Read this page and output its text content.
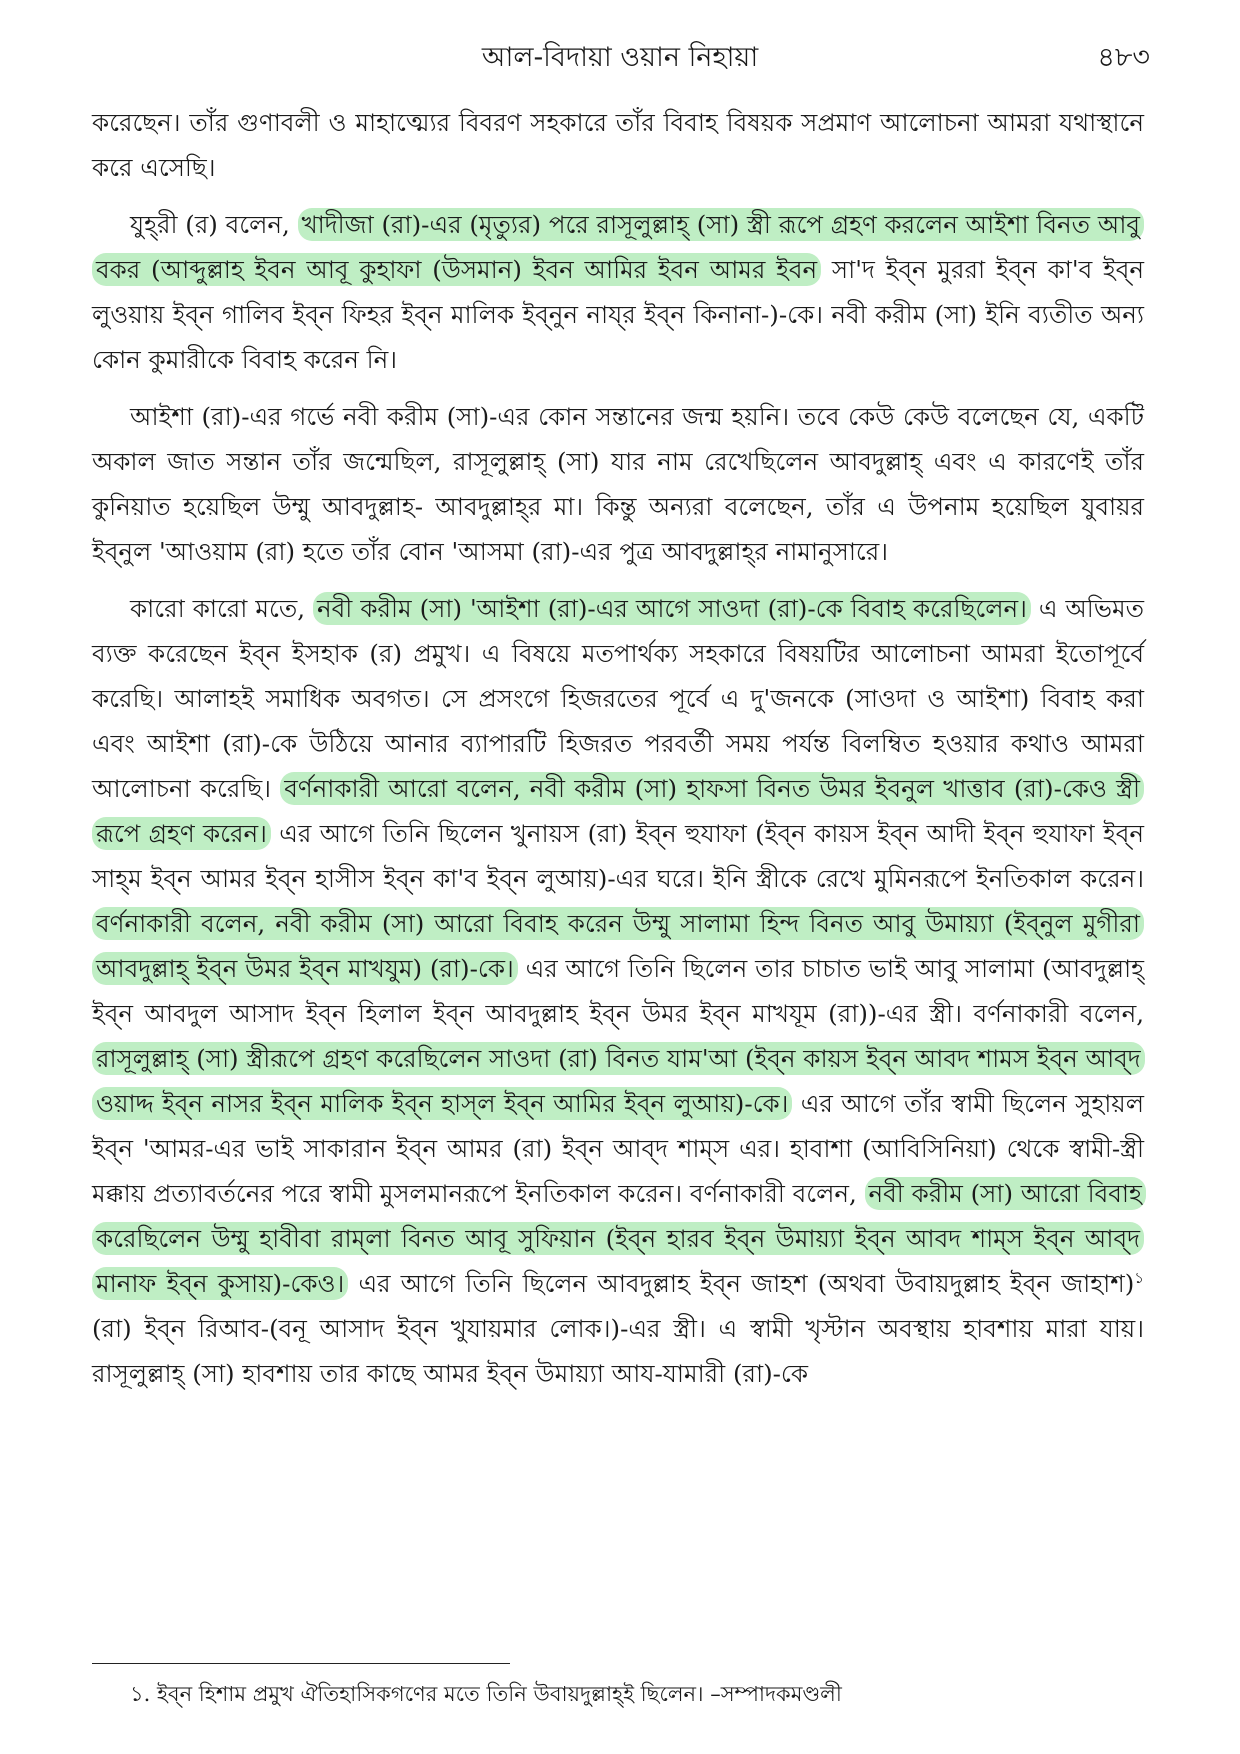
আল-বিদায়া ওয়ান নিহায়া	৪৮৩

করেছেন। তাঁর গুণাবলী ও মাহাত্ম্যের বিবরণ সহকারে তাঁর বিবাহ বিষয়ক সপ্রমাণ আলোচনা আমরা যথাস্থানে করে এসেছি।

যুহ্‌রী (র) বলেন, খাদীজা (রা)-এর (মৃত্যুর) পরে রাসূলুল্লাহ্ (সা) স্ত্রী রূপে গ্রহণ করলেন আইশা বিনত আবু বকর (আব্দুল্লাহ ইবন আবূ কুহাফা (উসমান) ইবন আমির ইবন আমর ইবন সা'দ ইব্‌ন মুররা ইব্‌ন কা'ব ইব্‌ন লুওয়ায় ইব্‌ন গালিব ইব্‌ন ফিহর ইব্‌ন মালিক ইব্‌নুন নায্‌র ইব্‌ন কিনানা-)-কে। নবী করীম (সা) ইনি ব্যতীত অন্য কোন কুমারীকে বিবাহ করেন নি।

আইশা (রা)-এর গর্ভে নবী করীম (সা)-এর কোন সন্তানের জন্ম হয়নি। তবে কেউ কেউ বলেছেন যে, একটি অকাল জাত সন্তান তাঁর জন্মেছিল, রাসূলুল্লাহ্ (সা) যার নাম রেখেছিলেন আবদুল্লাহ্ এবং এ কারণেই তাঁর কুনিয়াত হয়েছিল উম্মু আবদুল্লাহ- আবদুল্লাহ্‌র মা। কিন্তু অন্যরা বলেছেন, তাঁর এ উপনাম হয়েছিল যুবায়র ইব্‌নুল 'আওয়াম (রা) হতে তাঁর বোন 'আসমা (রা)-এর পুত্র আবদুল্লাহ্‌র নামানুসারে।

কারো কারো মতে, নবী করীম (সা) 'আইশা (রা)-এর আগে সাওদা (রা)-কে বিবাহ করেছিলেন। এ অভিমত ব্যক্ত করেছেন ইব্‌ন ইসহাক (র) প্রমুখ। এ বিষয়ে মতপার্থক্য সহকারে বিষয়টির আলোচনা আমরা ইতোপূর্বে করেছি। আলাহই সমাধিক অবগত। সে প্রসংগে হিজরতের পূর্বে এ দু'জনকে (সাওদা ও আইশা) বিবাহ করা এবং আইশা (রা)-কে উঠিয়ে আনার ব্যাপারটি হিজরত পরবর্তী সময় পর্যন্ত বিলম্বিত হওয়ার কথাও আমরা আলোচনা করেছি। বর্ণনাকারী আরো বলেন, নবী করীম (সা) হাফসা বিনত উমর ইবনুল খাত্তাব (রা)-কেও স্ত্রী রূপে গ্রহণ করেন। এর আগে তিনি ছিলেন খুনায়স (রা) ইব্‌ন হুযাফা (ইব্‌ন কায়স ইব্‌ন আদী ইব্‌ন হুযাফা ইব্‌ন সাহ্‌ম ইব্‌ন আমর ইব্‌ন হাসীস ইব্‌ন কা'ব ইব্‌ন লুআয়)-এর ঘরে। ইনি স্ত্রীকে রেখে মুমিনরূপে ইনতিকাল করেন। বর্ণনাকারী বলেন, নবী করীম (সা) আরো বিবাহ করেন উম্মু সালামা হিন্দ বিনত আবু উমায়্যা (ইব্‌নুল মুগীরা আবদুল্লাহ্ ইব্‌ন উমর ইব্‌ন মাখযুম) (রা)-কে। এর আগে তিনি ছিলেন তার চাচাত ভাই আবু সালামা (আবদুল্লাহ্ ইব্‌ন আবদুল আসাদ ইব্‌ন হিলাল ইব্‌ন আবদুল্লাহ ইব্‌ন উমর ইব্‌ন মাখযূম (রা))-এর স্ত্রী। বর্ণনাকারী বলেন, রাসূলুল্লাহ্ (সা) স্ত্রীরূপে গ্রহণ করেছিলেন সাওদা (রা) বিনত যাম'আ (ইব্‌ন কায়স ইব্‌ন আবদ শামস ইব্‌ন আব্‌দ ওয়াদ্দ ইব্‌ন নাসর ইব্‌ন মালিক ইব্‌ন হাস্‌ল ইব্‌ন আমির ইব্‌ন লুআয়)-কে। এর আগে তাঁর স্বামী ছিলেন সুহায়ল ইব্‌ন 'আমর-এর ভাই সাকারান ইব্‌ন আমর (রা) ইব্‌ন আব্‌দ শাম্‌স এর। হাবাশা (আবিসিনিয়া) থেকে স্বামী-স্ত্রী মক্কায় প্রত্যাবর্তনের পরে স্বামী মুসলমানরূপে ইনতিকাল করেন। বর্ণনাকারী বলেন, নবী করীম (সা) আরো বিবাহ করেছিলেন উম্মু হাবীবা রাম্‌লা বিনত আবূ সুফিয়ান (ইব্‌ন হারব ইব্‌ন উমায়্যা ইব্‌ন আবদ শাম্‌স ইব্‌ন আব্‌দ মানাফ ইব্‌ন কুসায়)-কেও। এর আগে তিনি ছিলেন আবদুল্লাহ ইব্‌ন জাহশ (অথবা উবায়দুল্লাহ ইব্‌ন জাহাশ)$^১$ (রা) ইব্‌ন রিআব-(বনূ আসাদ ইব্‌ন খুযায়মার লোক।)-এর স্ত্রী। এ স্বামী খৃস্টান অবস্থায় হাবশায় মারা যায়। রাসূলুল্লাহ্ (সা) হাবশায় তার কাছে আমর ইব্‌ন উমায়্যা আয-যামারী (রা)-কে

১. ইব্‌ন হিশাম প্রমুখ ঐতিহাসিকগণের মতে তিনি উবায়দুল্লাহ্‌ই ছিলেন। –সম্পাদকমণ্ডলী
